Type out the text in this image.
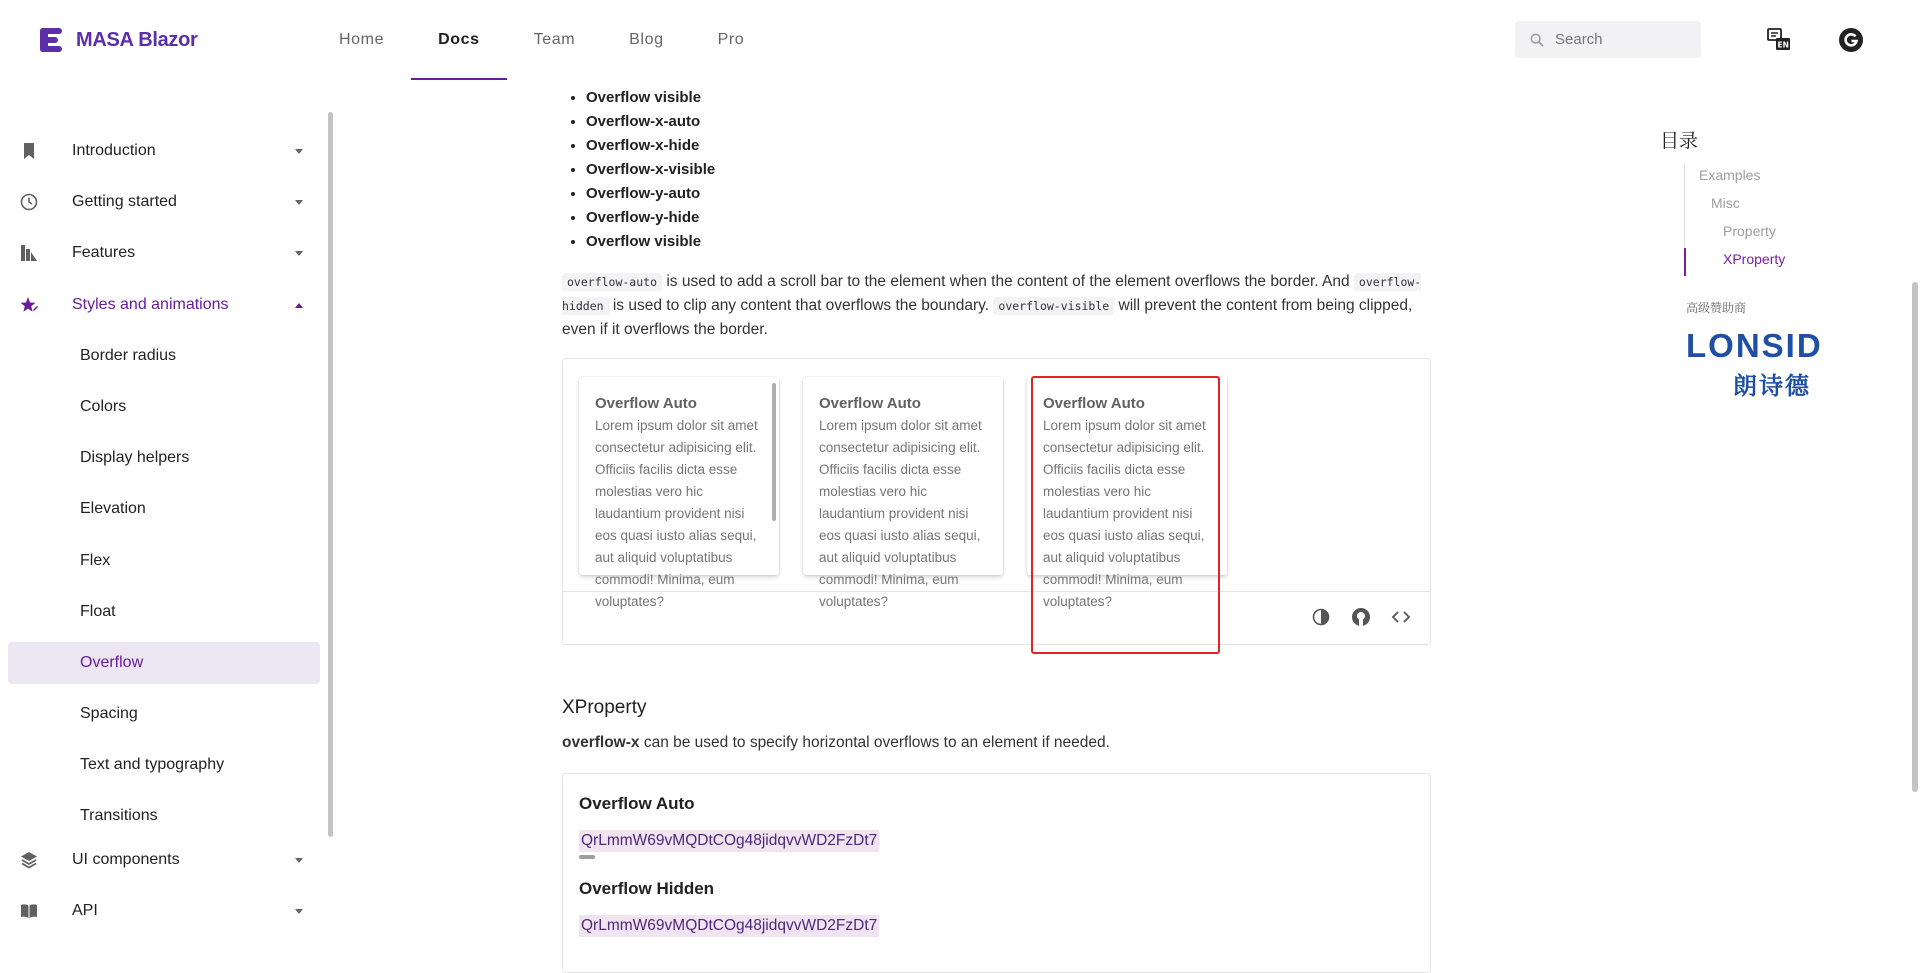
MASA Blazor	Home	Docs	Team	Blog	Pro
Search	EN
Introduction
Getting started
Features
Styles and animations
Border radius
Colors
Display helpers
Elevation
Flex
Float
Overflow
Spacing
Text and typography
Transitions
UI components
API
• Overflow visible
• Overflow-x-auto
• Overflow-x-hide
• Overflow-x-visible
• Overflow-y-auto
• Overflow-y-hide
• Overflow visible

overflow-auto is used to add a scroll bar to the element when the content of the element overflows the border. And overflow-hidden is used to clip any content that overflows the boundary. overflow-visible will prevent the content from being clipped, even if it overflows the border.

Overflow Auto
Lorem ipsum dolor sit amet consectetur adipisicing elit. Officiis facilis dicta esse molestias vero hic laudantium provident nisi eos quasi iusto alias sequi, aut aliquid voluptatibus commodi! Minima, eum voluptates?
Overflow Auto
Lorem ipsum dolor sit amet consectetur adipisicing elit. Officiis facilis dicta esse molestias vero hic laudantium provident nisi eos quasi iusto alias sequi, aut aliquid voluptatibus commodi! Minima, eum voluptates?
Overflow Auto
Lorem ipsum dolor sit amet consectetur adipisicing elit. Officiis facilis dicta esse molestias vero hic laudantium provident nisi eos quasi iusto alias sequi, aut aliquid voluptatibus commodi! Minima, eum voluptates?
XProperty
overflow-x can be used to specify horizontal overflows to an element if needed.
Overflow Auto
QrLmmW69vMQDtCOg48jidqvvWD2FzDt7
Overflow Hidden
QrLmmW69vMQDtCOg48jidqvvWD2FzDt7
目录
Examples
Misc
Property
XProperty
高级赞助商
LONSID
朗诗德
